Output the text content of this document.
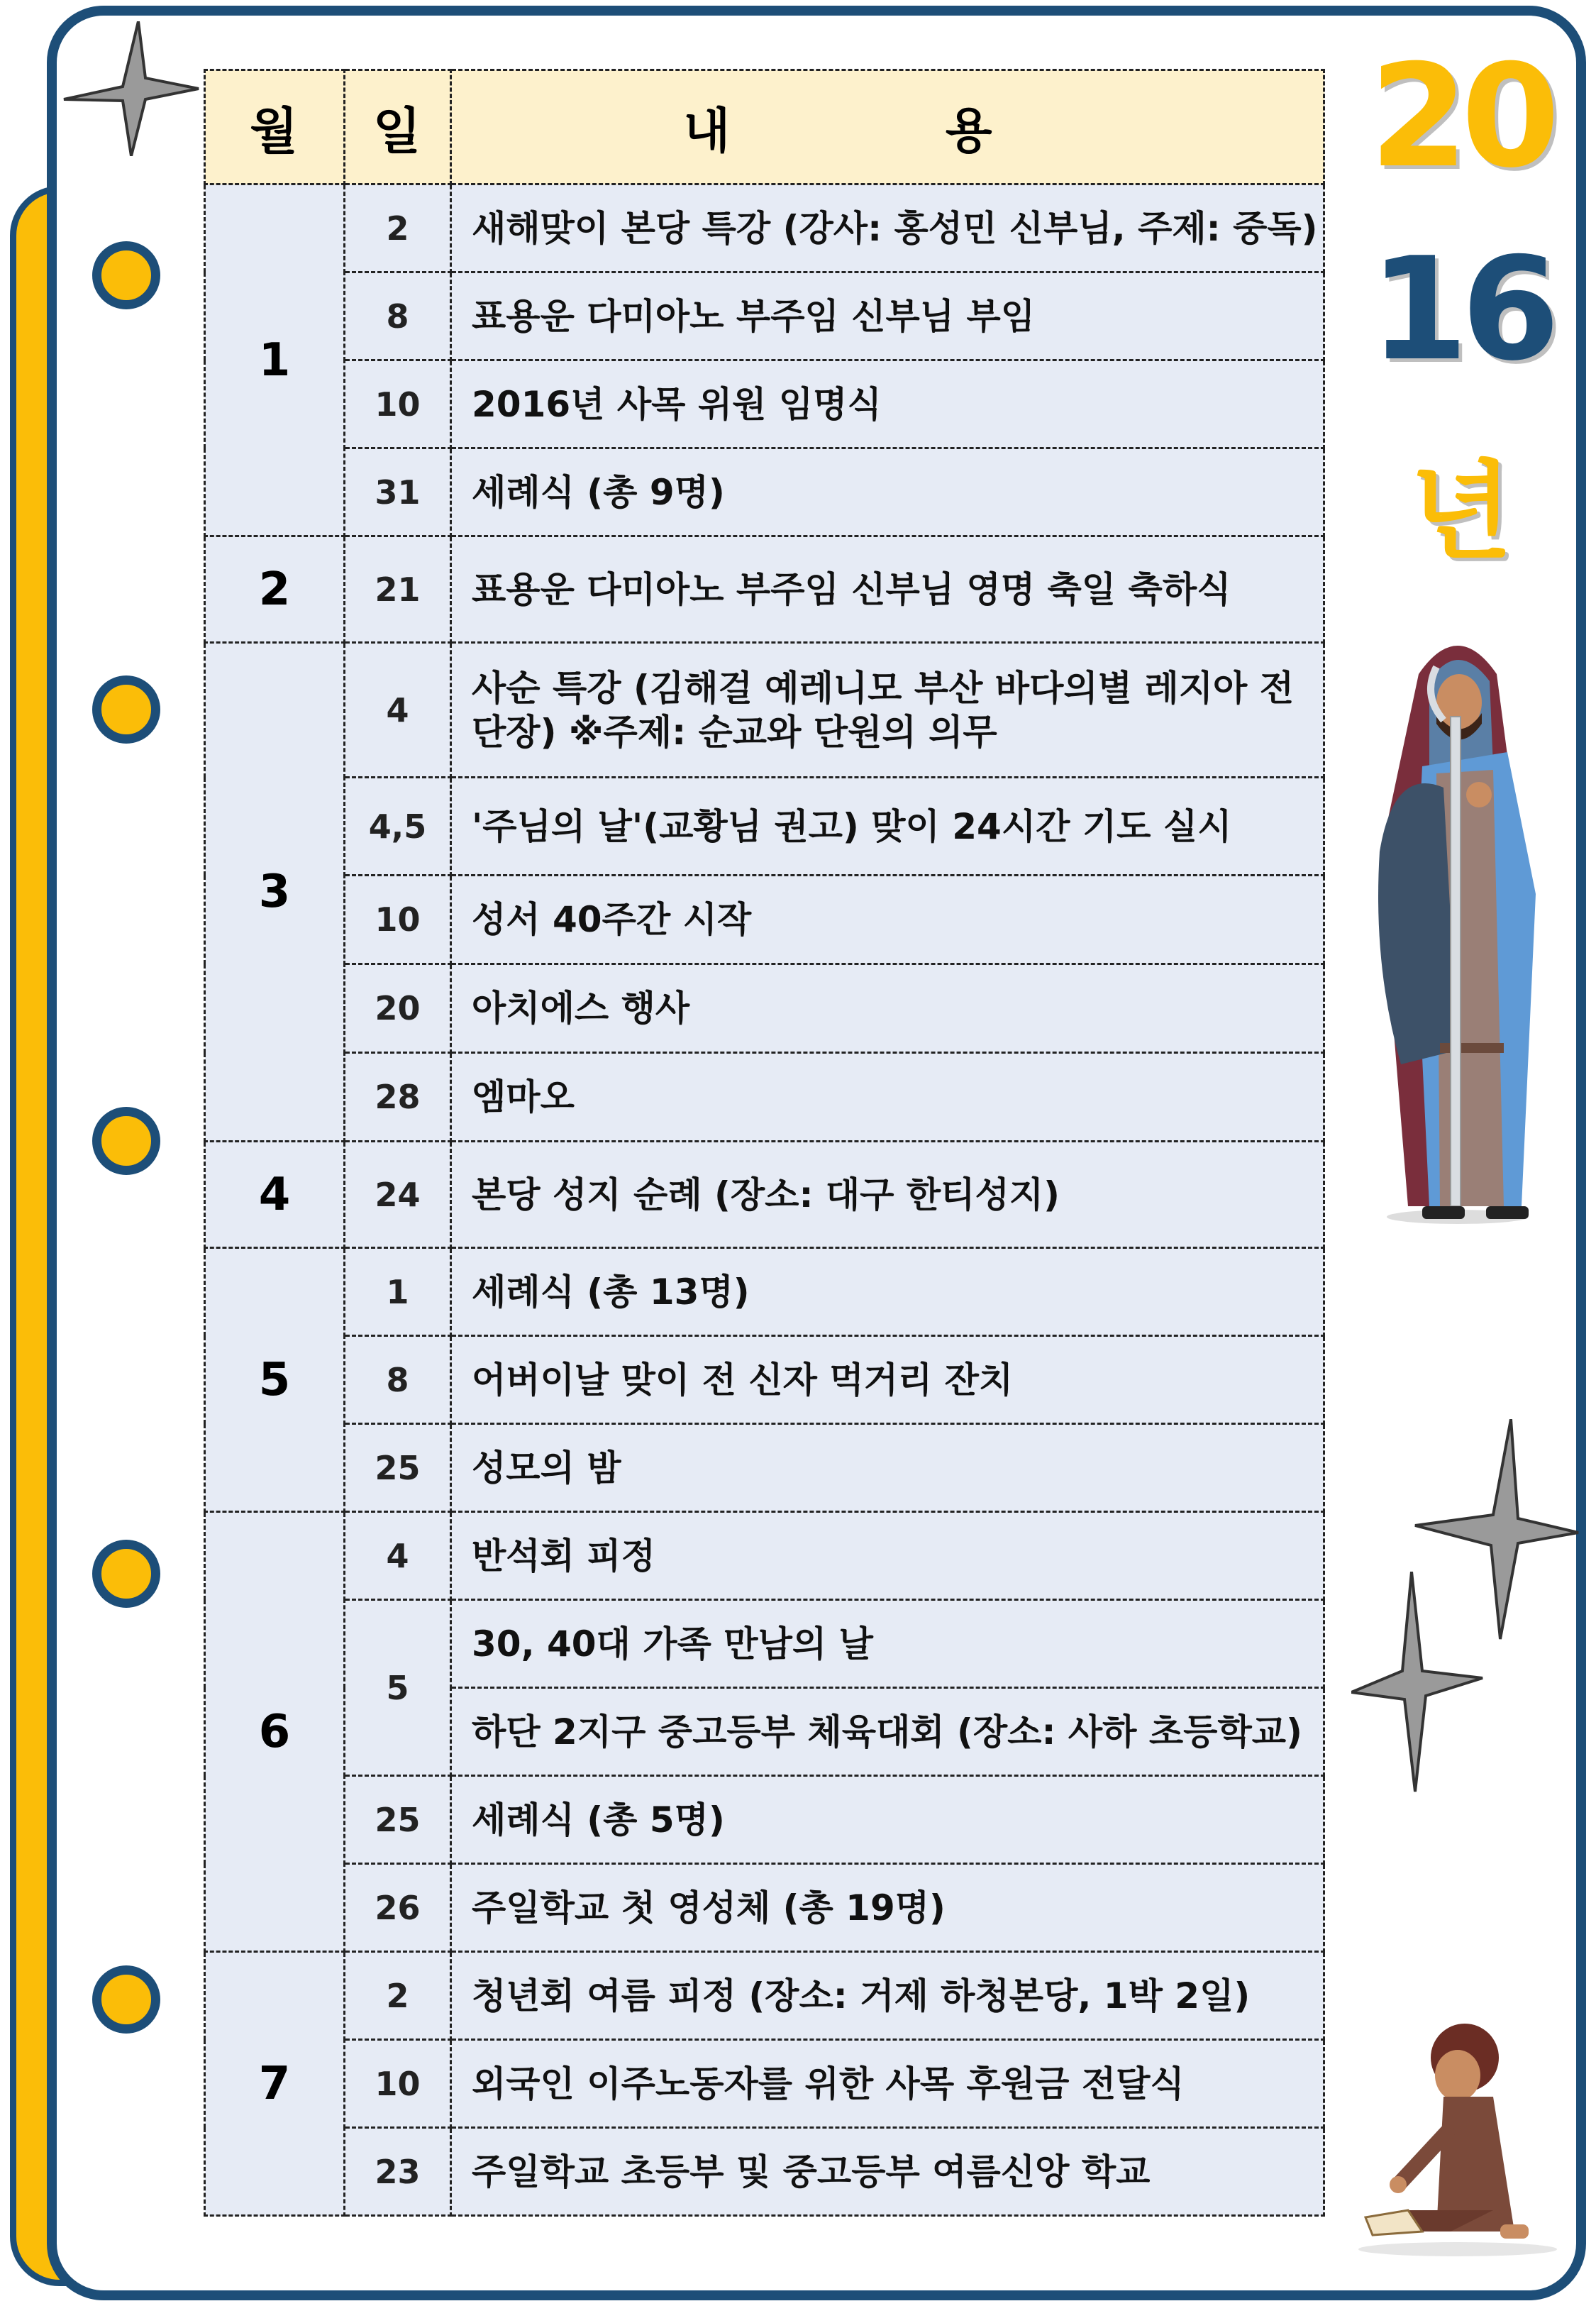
20
16
년
월	일	내 용
1	2	새해맞이 본당 특강 (강사: 홍성민 신부님, 주제: 중독)
	8	표용운 다미아노 부주임 신부님 부임
	10	2016년 사목 위원 임명식
	31	세례식 (총 9명)
2	21	표용운 다미아노 부주임 신부님 영명 축일 축하식
3	4	사순 특강 (김해걸 예레니모 부산 바다의별 레지아 전 단장) ※주제: 순교와 단원의 의무
	4,5	'주님의 날'(교황님 권고) 맞이 24시간 기도 실시
	10	성서 40주간 시작
	20	아치에스 행사
	28	엠마오
4	24	본당 성지 순례 (장소: 대구 한티성지)
5	1	세례식 (총 13명)
	8	어버이날 맞이 전 신자 먹거리 잔치
	25	성모의 밤
6	4	반석회 피정
	5	30, 40대 가족 만남의 날
		하단 2지구 중고등부 체육대회 (장소: 사하 초등학교)
	25	세례식 (총 5명)
	26	주일학교 첫 영성체 (총 19명)
7	2	청년회 여름 피정 (장소: 거제 하청본당, 1박 2일)
	10	외국인 이주노동자를 위한 사목 후원금 전달식
	23	주일학교 초등부 및 중고등부 여름신앙 학교
